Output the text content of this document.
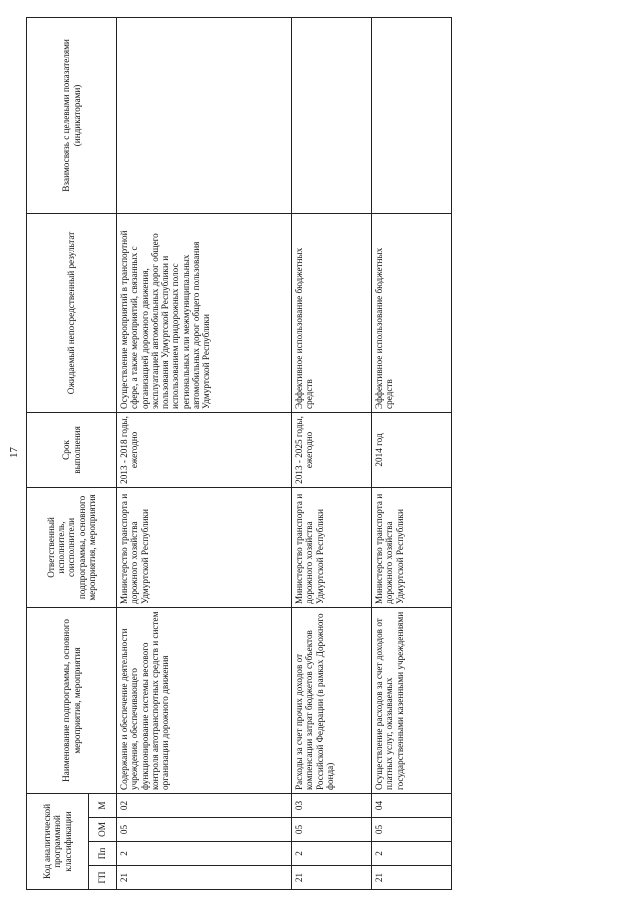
17
Код аналитической программной классификации				Наименование подпрограммы, основного мероприятия, мероприятия	Ответственный исполнитель, соисполнители подпрограммы, основного мероприятия, мероприятия	Срок выполнения	Ожидаемый непосредственный результат	Взаимосвязь с целевыми показателями (индикаторами)
ГП	Пп	ОМ	М					
21	2	05	02	Содержание и обеспечение деятельности учреждения, обеспечивающего функционирование системы весового контроля автотранспортных средств и систем организации дорожного движения	Министерство транспорта и дорожного хозяйства Удмуртской Республики	2013 - 2018 годы, ежегодно	Осуществление мероприятий в транспортной сфере, а также мероприятий, связанных с организацией дорожного движения, эксплуатацией автомобильных дорог общего пользования Удмуртской Республики и использованием придорожных полос региональных или межмуниципальных автомобильных дорог общего пользования Удмуртской Республики	
21	2	05	03	Расходы за счет прочих доходов от компенсации затрат бюджетов субъектов Российской Федерации (в рамках Дорожного фонда)	Министерство транспорта и дорожного хозяйства Удмуртской Республики	2013 - 2025 годы, ежегодно	Эффективное использование бюджетных средств	
21	2	05	04	Осуществление расходов за счет доходов от платных услуг, оказываемых государственными казенными учреждениями	Министерство транспорта и дорожного хозяйства Удмуртской Республики	2014 год	Эффективное использование бюджетных средств	
